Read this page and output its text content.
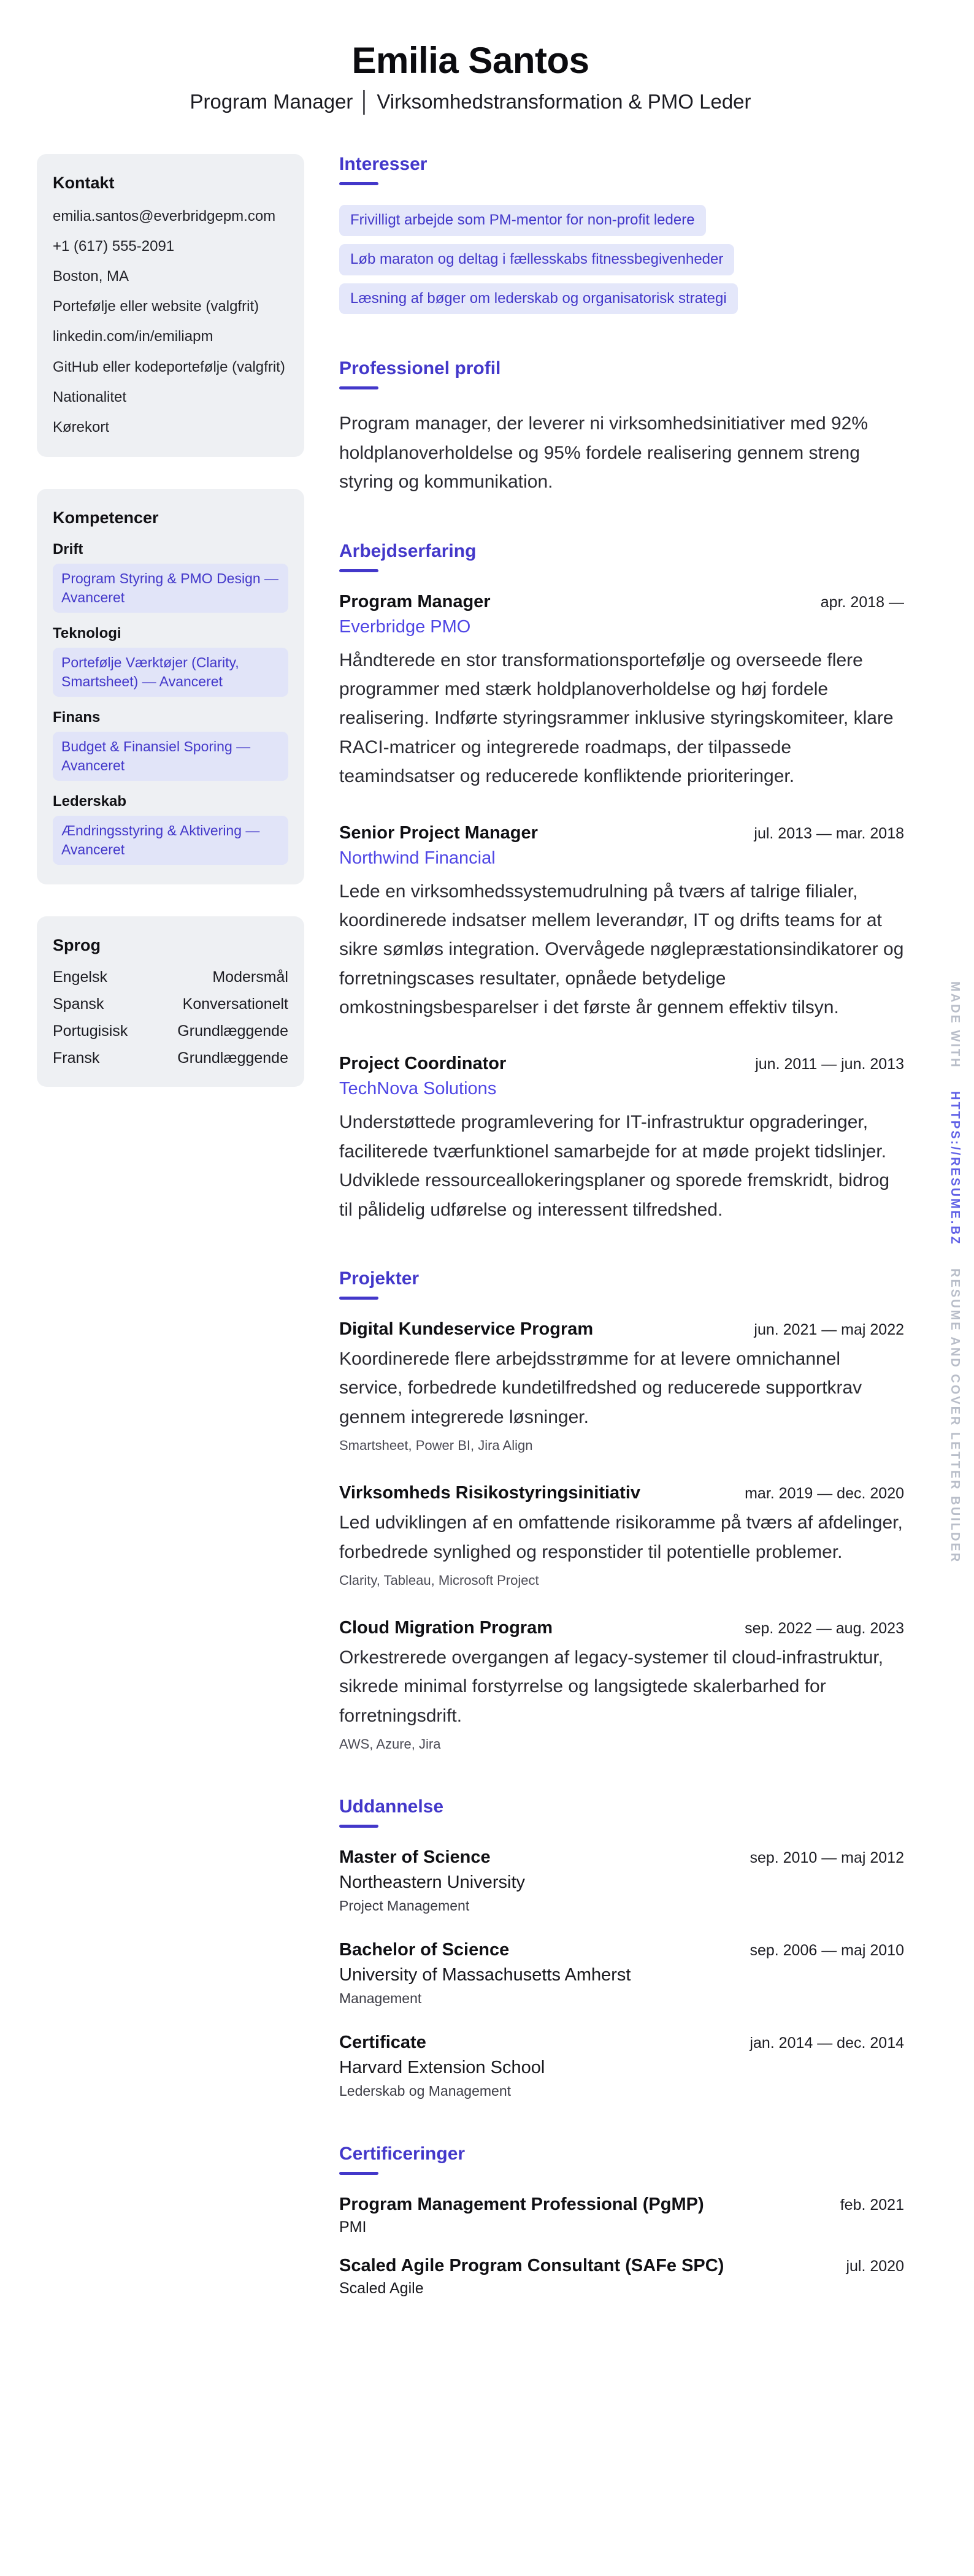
Emilia Santos
Program Manager │ Virksomhedstransformation & PMO Leder
Kontakt
emilia.santos@everbridgepm.com
+1 (617) 555-2091
Boston, MA
Portefølje eller website (valgfrit)
linkedin.com/in/emiliapm
GitHub eller kodeportefølje (valgfrit)
Nationalitet
Kørekort
Kompetencer
Drift
Program Styring & PMO Design — Avanceret
Teknologi
Portefølje Værktøjer (Clarity, Smartsheet) — Avanceret
Finans
Budget & Finansiel Sporing — Avanceret
Lederskab
Ændringsstyring & Aktivering — Avanceret
Sprog
Engelsk	Modersmål
Spansk	Konversationelt
Portugisisk	Grundlæggende
Fransk	Grundlæggende
Interesser
Frivilligt arbejde som PM-mentor for non-profit ledere
Løb maraton og deltag i fællesskabs fitnessbegivenheder
Læsning af bøger om lederskab og organisatorisk strategi
Professionel profil

Program manager, der leverer ni virksomhedsinitiativer med 92% holdplanoverholdelse og 95% fordele realisering gennem streng styring og kommunikation.

Arbejdserfaring
Program Manager	apr. 2018 —
Everbridge PMO

Håndterede en stor transformationsportefølje og overseede flere programmer med stærk holdplanoverholdelse og høj fordele realisering. Indførte styringsrammer inklusive styringskomiteer, klare RACI-matricer og integrerede roadmaps, der tilpassede teamindsatser og reducerede konfliktende prioriteringer.

Senior Project Manager	jul. 2013 — mar. 2018
Northwind Financial

Lede en virksomhedssystemudrulning på tværs af talrige filialer, koordinerede indsatser mellem leverandør, IT og drifts teams for at sikre sømløs integration. Overvågede nøglepræstationsindikatorer og forretningscases resultater, opnåede betydelige omkostningsbesparelser i det første år gennem effektiv tilsyn.

Project Coordinator	jun. 2011 — jun. 2013
TechNova Solutions

Understøttede programlevering for IT-infrastruktur opgraderinger, faciliterede tværfunktionel samarbejde for at møde projekt tidslinjer. Udviklede ressourceallokeringsplaner og sporede fremskridt, bidrog til pålidelig udførelse og interessent tilfredshed.

Projekter
Digital Kundeservice Program	jun. 2021 — maj 2022

Koordinerede flere arbejdsstrømme for at levere omnichannel service, forbedrede kundetilfredshed og reducerede supportkrav gennem integrerede løsninger.

Smartsheet, Power BI, Jira Align
Virksomheds Risikostyringsinitiativ	mar. 2019 — dec. 2020

Led udviklingen af en omfattende risikoramme på tværs af afdelinger, forbedrede synlighed og responstider til potentielle problemer.

Clarity, Tableau, Microsoft Project
Cloud Migration Program	sep. 2022 — aug. 2023

Orkestrerede overgangen af legacy-systemer til cloud-infrastruktur, sikrede minimal forstyrrelse og langsigtede skalerbarhed for forretningsdrift.

AWS, Azure, Jira
Uddannelse
Master of Science	sep. 2010 — maj 2012
Northeastern University
Project Management
Bachelor of Science	sep. 2006 — maj 2010
University of Massachusetts Amherst
Management
Certificate	jan. 2014 — dec. 2014
Harvard Extension School
Lederskab og Management
Certificeringer
Program Management Professional (PgMP)	feb. 2021
PMI
Scaled Agile Program Consultant (SAFe SPC)	jul. 2020
Scaled Agile
MADE WITH HTTPS://RESUME.BZ RESUME AND COVER LETTER BUILDER
